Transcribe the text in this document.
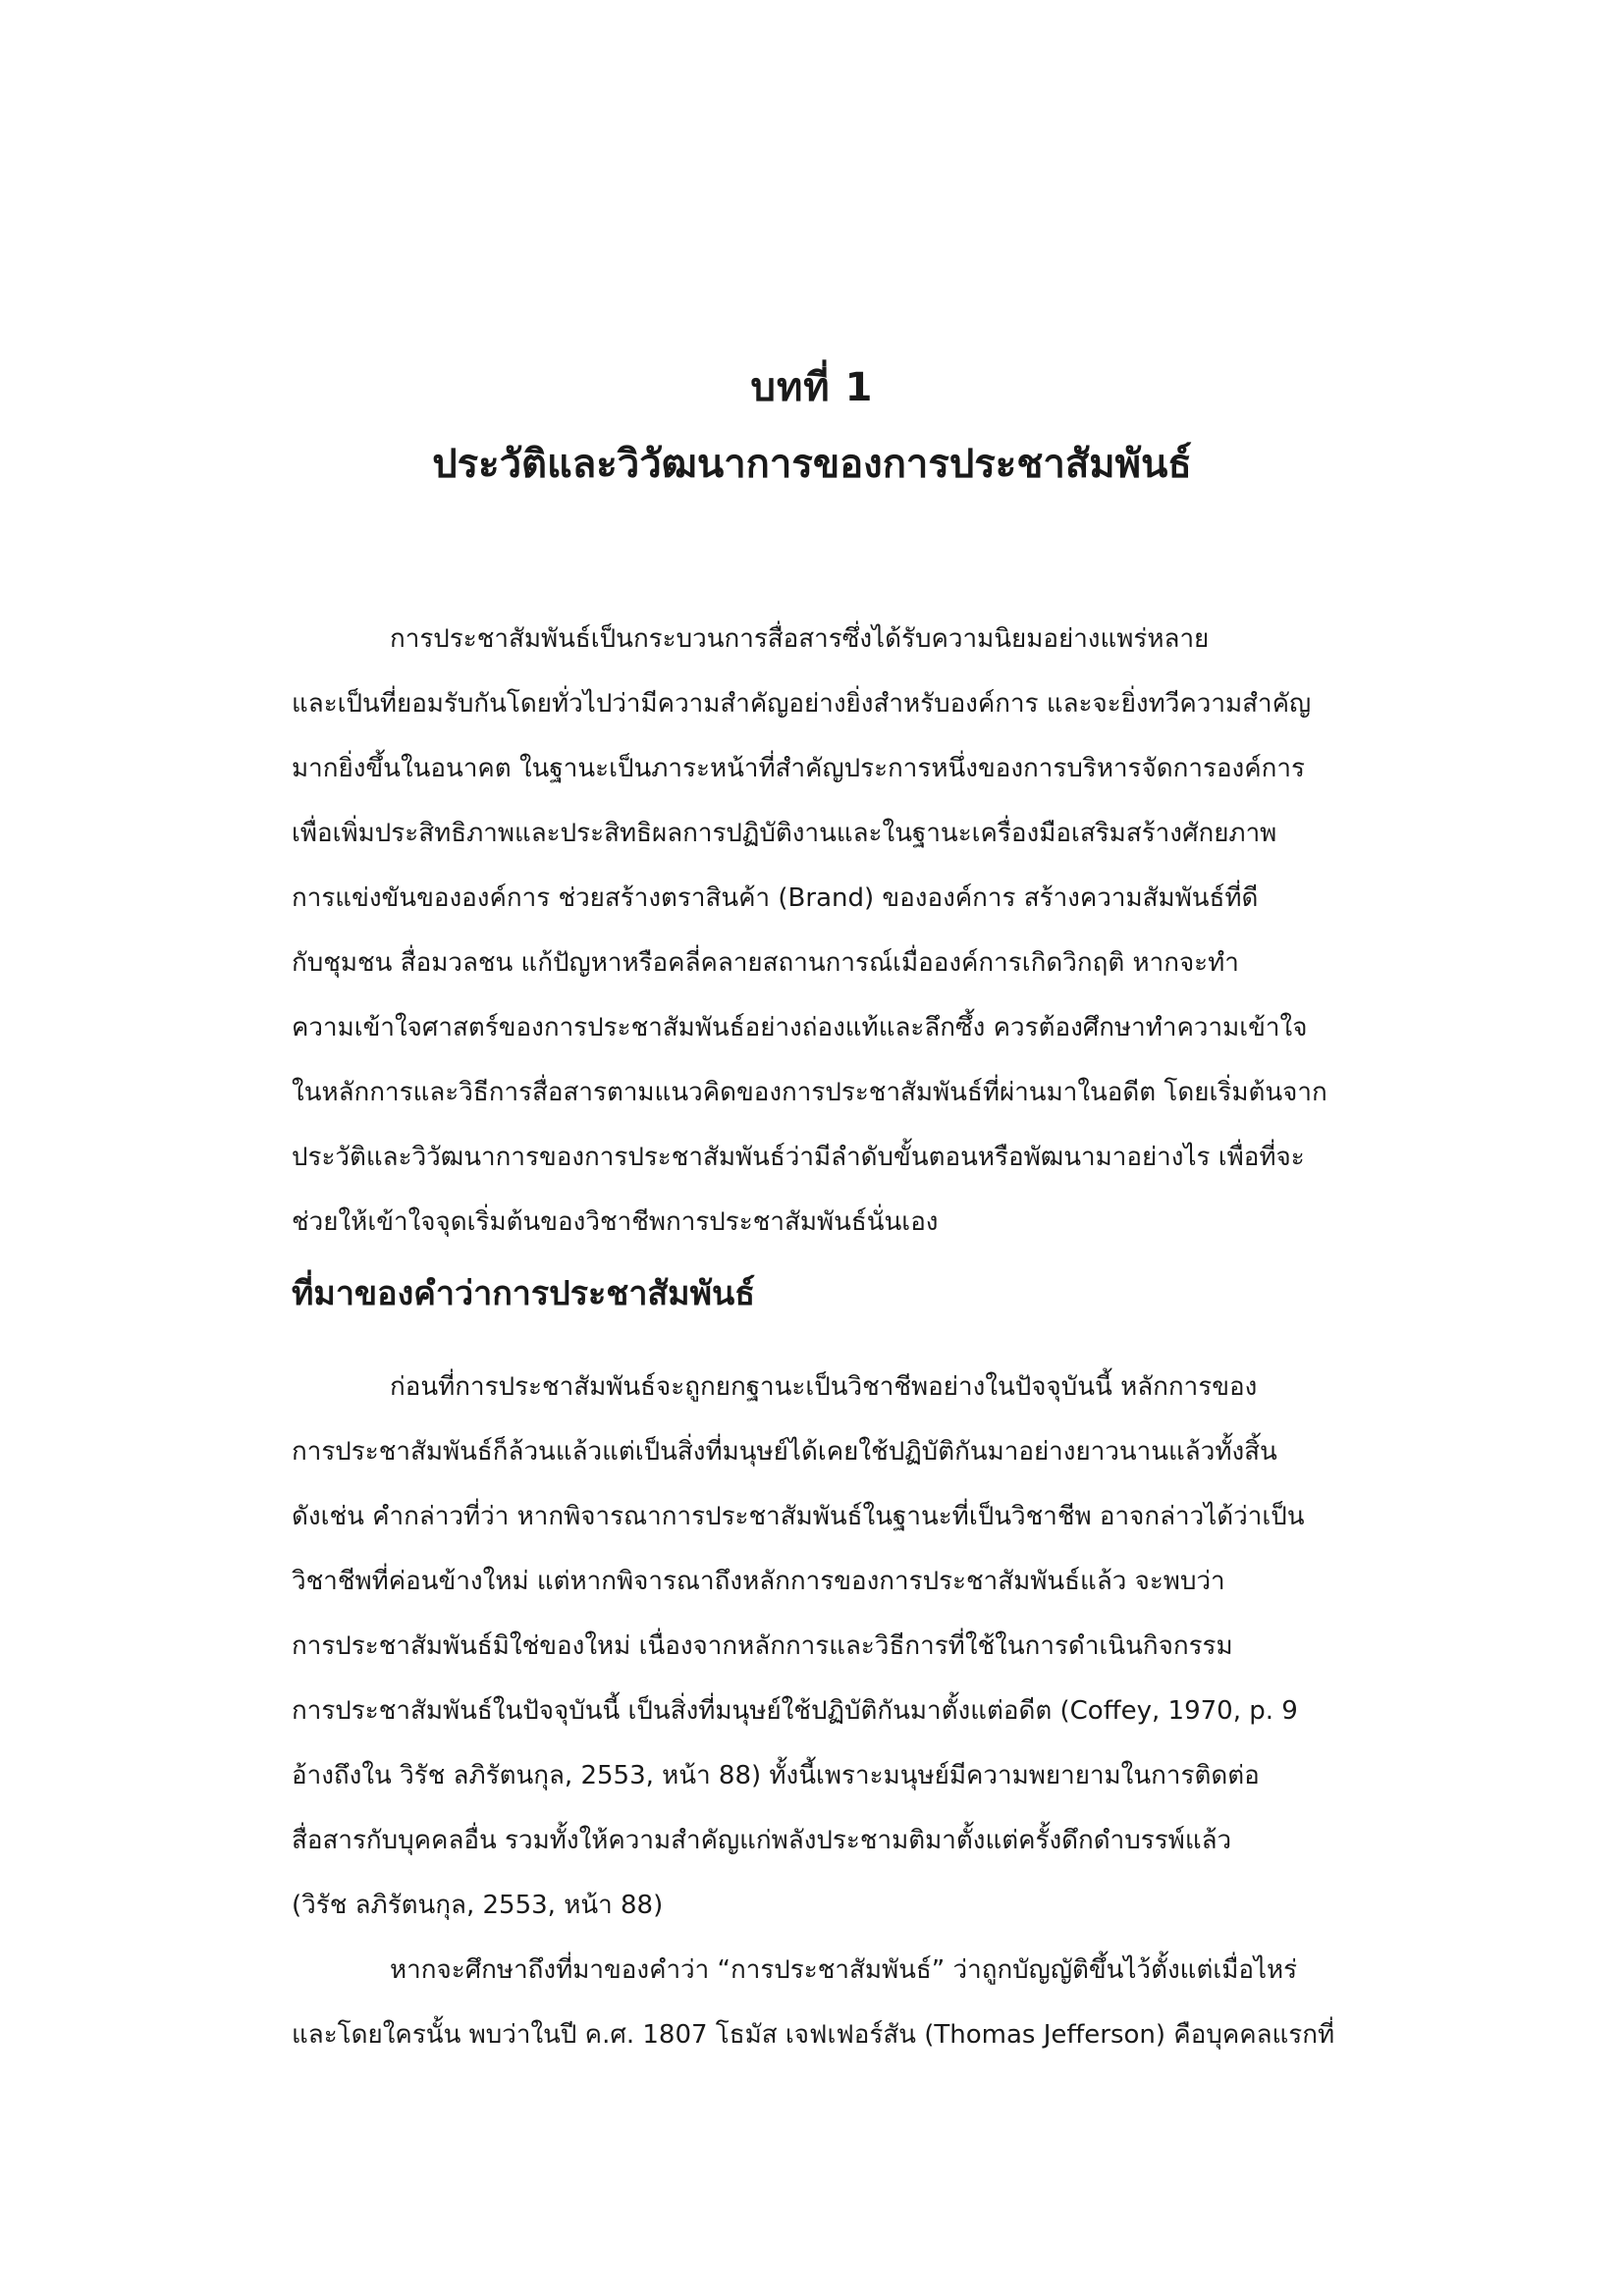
บทที่ 1
ประวัติและวิวัฒนาการของการประชาสัมพันธ์
การประชาสัมพันธ์เป็นกระบวนการสื่อสารซึ่งได้รับความนิยมอย่างแพร่หลาย
และเป็นที่ยอมรับกันโดยทั่วไปว่ามีความสำคัญอย่างยิ่งสำหรับองค์การ และจะยิ่งทวีความสำคัญ
มากยิ่งขึ้นในอนาคต ในฐานะเป็นภาระหน้าที่สำคัญประการหนึ่งของการบริหารจัดการองค์การ
เพื่อเพิ่มประสิทธิภาพและประสิทธิผลการปฏิบัติงานและในฐานะเครื่องมือเสริมสร้างศักยภาพ
การแข่งขันขององค์การ ช่วยสร้างตราสินค้า (Brand) ขององค์การ สร้างความสัมพันธ์ที่ดี
กับชุมชน สื่อมวลชน แก้ปัญหาหรือคลี่คลายสถานการณ์เมื่อองค์การเกิดวิกฤติ หากจะทำ
ความเข้าใจศาสตร์ของการประชาสัมพันธ์อย่างถ่องแท้และลึกซึ้ง ควรต้องศึกษาทำความเข้าใจ
ในหลักการและวิธีการสื่อสารตามแนวคิดของการประชาสัมพันธ์ที่ผ่านมาในอดีต โดยเริ่มต้นจาก
ประวัติและวิวัฒนาการของการประชาสัมพันธ์ว่ามีลำดับขั้นตอนหรือพัฒนามาอย่างไร เพื่อที่จะ
ช่วยให้เข้าใจจุดเริ่มต้นของวิชาชีพการประชาสัมพันธ์นั่นเอง
ที่มาของคำว่าการประชาสัมพันธ์
ก่อนที่การประชาสัมพันธ์จะถูกยกฐานะเป็นวิชาชีพอย่างในปัจจุบันนี้ หลักการของ
การประชาสัมพันธ์ก็ล้วนแล้วแต่เป็นสิ่งที่มนุษย์ได้เคยใช้ปฏิบัติกันมาอย่างยาวนานแล้วทั้งสิ้น
ดังเช่น คำกล่าวที่ว่า หากพิจารณาการประชาสัมพันธ์ในฐานะที่เป็นวิชาชีพ อาจกล่าวได้ว่าเป็น
วิชาชีพที่ค่อนข้างใหม่ แต่หากพิจารณาถึงหลักการของการประชาสัมพันธ์แล้ว จะพบว่า
การประชาสัมพันธ์มิใช่ของใหม่ เนื่องจากหลักการและวิธีการที่ใช้ในการดำเนินกิจกรรม
การประชาสัมพันธ์ในปัจจุบันนี้ เป็นสิ่งที่มนุษย์ใช้ปฏิบัติกันมาตั้งแต่อดีต (Coffey, 1970, p. 9
อ้างถึงใน วิรัช ลภิรัตนกุล, 2553, หน้า 88) ทั้งนี้เพราะมนุษย์มีความพยายามในการติดต่อ
สื่อสารกับบุคคลอื่น รวมทั้งให้ความสำคัญแก่พลังประชามติมาตั้งแต่ครั้งดึกดำบรรพ์แล้ว
(วิรัช ลภิรัตนกุล, 2553, หน้า 88)
หากจะศึกษาถึงที่มาของคำว่า “การประชาสัมพันธ์” ว่าถูกบัญญัติขึ้นไว้ตั้งแต่เมื่อไหร่
และโดยใครนั้น พบว่าในปี ค.ศ. 1807 โธมัส เจฟเฟอร์สัน (Thomas Jefferson) คือบุคคลแรกที่
